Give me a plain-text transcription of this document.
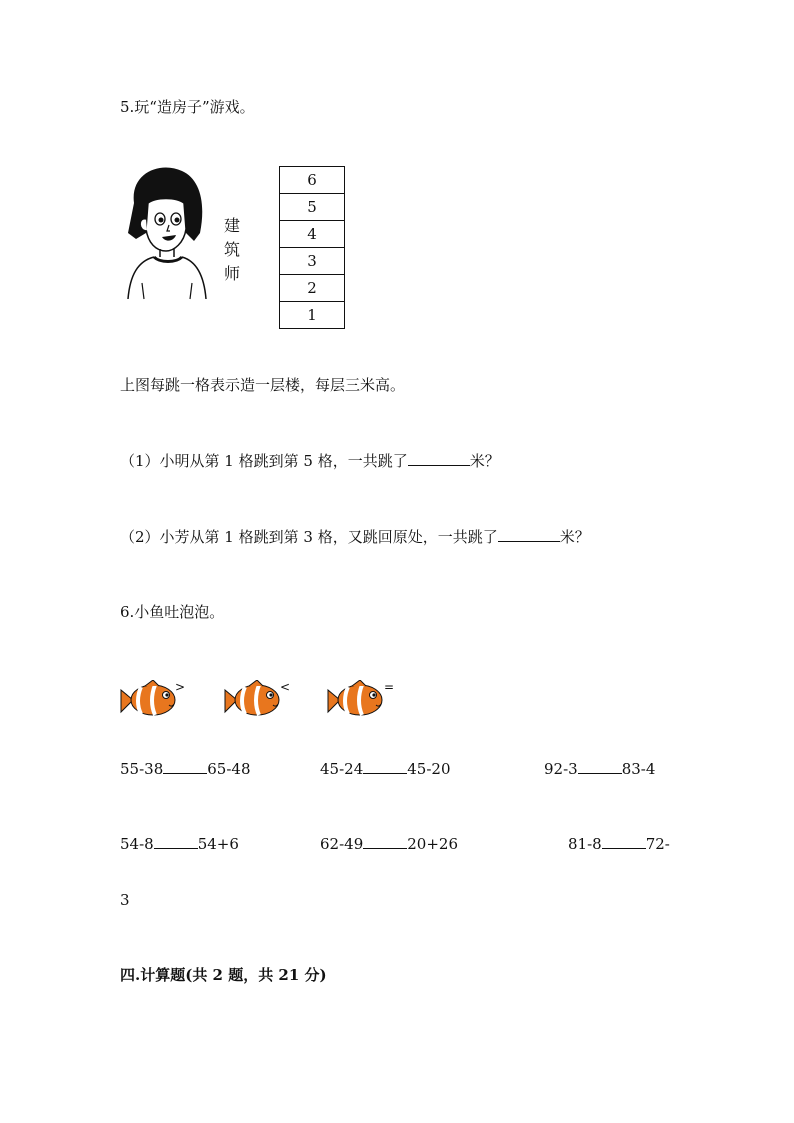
5.玩“造房子”游戏。
建
筑
师
6
5
4
3
2
1
上图每跳一格表示造一层楼，每层三米高。
（1）小明从第 1 格跳到第 5 格，一共跳了	米？
（2）小芳从第 1 格跳到第 3 格，又跳回原处，一共跳了	米？
6.小鱼吐泡泡。
>	<	=
55-38	65-48	45-24	45-20	92-3	83-4
54-8	54+6	62-49	20+26	81-8	72-
3
四.计算题(共 2 题，共 21 分)
